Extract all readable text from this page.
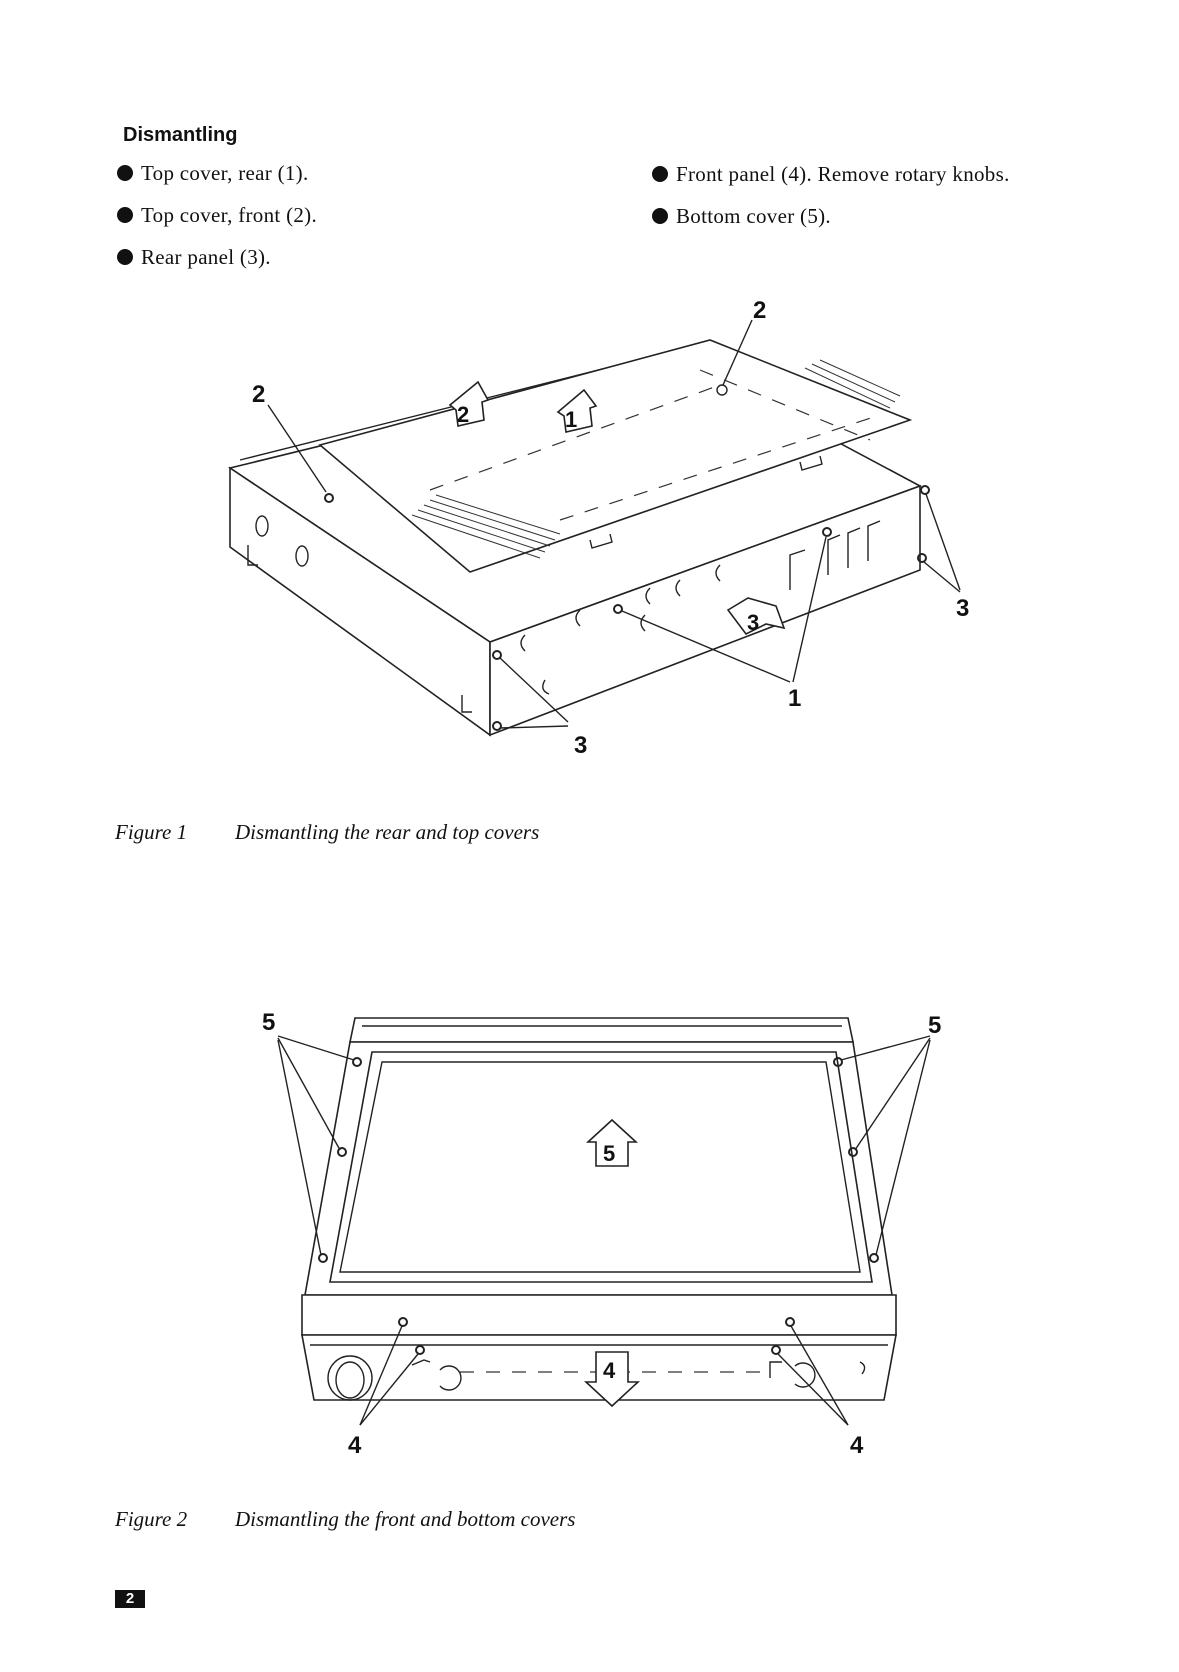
Dismantling
Top cover, rear (1).
Top cover, front (2).
Rear panel (3).
Front panel (4). Remove rotary knobs.
Bottom cover (5).
2	1
3
2
2
1
3
3
Figure 1 Dismantling the rear and top covers
5
4
5	5
4	4
Figure 2 Dismantling the front and bottom covers
2
